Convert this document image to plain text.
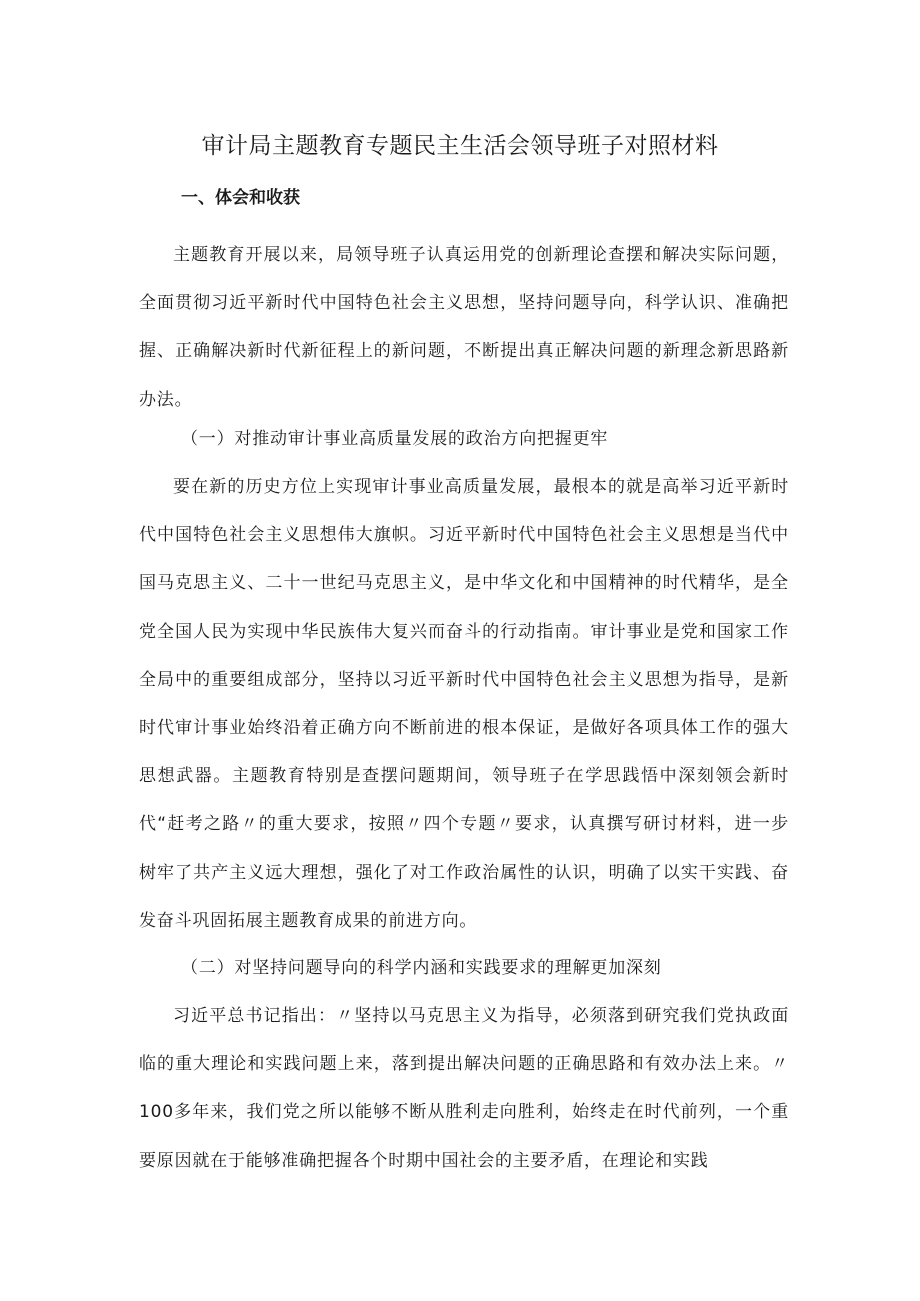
审计局主题教育专题民主生活会领导班子对照材料
一、体会和收获

主题教育开展以来，局领导班子认真运用党的创新理论查摆和解决实际问题，全面贯彻习近平新时代中国特色社会主义思想，坚持问题导向，科学认识、准确把握、正确解决新时代新征程上的新问题，不断提出真正解决问题的新理念新思路新办法。

（一）对推动审计事业高质量发展的政治方向把握更牢

要在新的历史方位上实现审计事业高质量发展，最根本的就是高举习近平新时代中国特色社会主义思想伟大旗帜。习近平新时代中国特色社会主义思想是当代中国马克思主义、二十一世纪马克思主义，是中华文化和中国精神的时代精华，是全党全国人民为实现中华民族伟大复兴而奋斗的行动指南。审计事业是党和国家工作全局中的重要组成部分，坚持以习近平新时代中国特色社会主义思想为指导，是新时代审计事业始终沿着正确方向不断前进的根本保证，是做好各项具体工作的强大思想武器。主题教育特别是查摆问题期间，领导班子在学思践悟中深刻领会新时代“赶考之路〃的重大要求，按照〃四个专题〃要求，认真撰写研讨材料，进一步树牢了共产主义远大理想，强化了对工作政治属性的认识，明确了以实干实践、奋发奋斗巩固拓展主题教育成果的前进方向。

（二）对坚持问题导向的科学内涵和实践要求的理解更加深刻

习近平总书记指出：〃坚持以马克思主义为指导，必须落到研究我们党执政面临的重大理论和实践问题上来，落到提出解决问题的正确思路和有效办法上来。〃100多年来，我们党之所以能够不断从胜利走向胜利，始终走在时代前列，一个重要原因就在于能够准确把握各个时期中国社会的主要矛盾，在理论和实践
